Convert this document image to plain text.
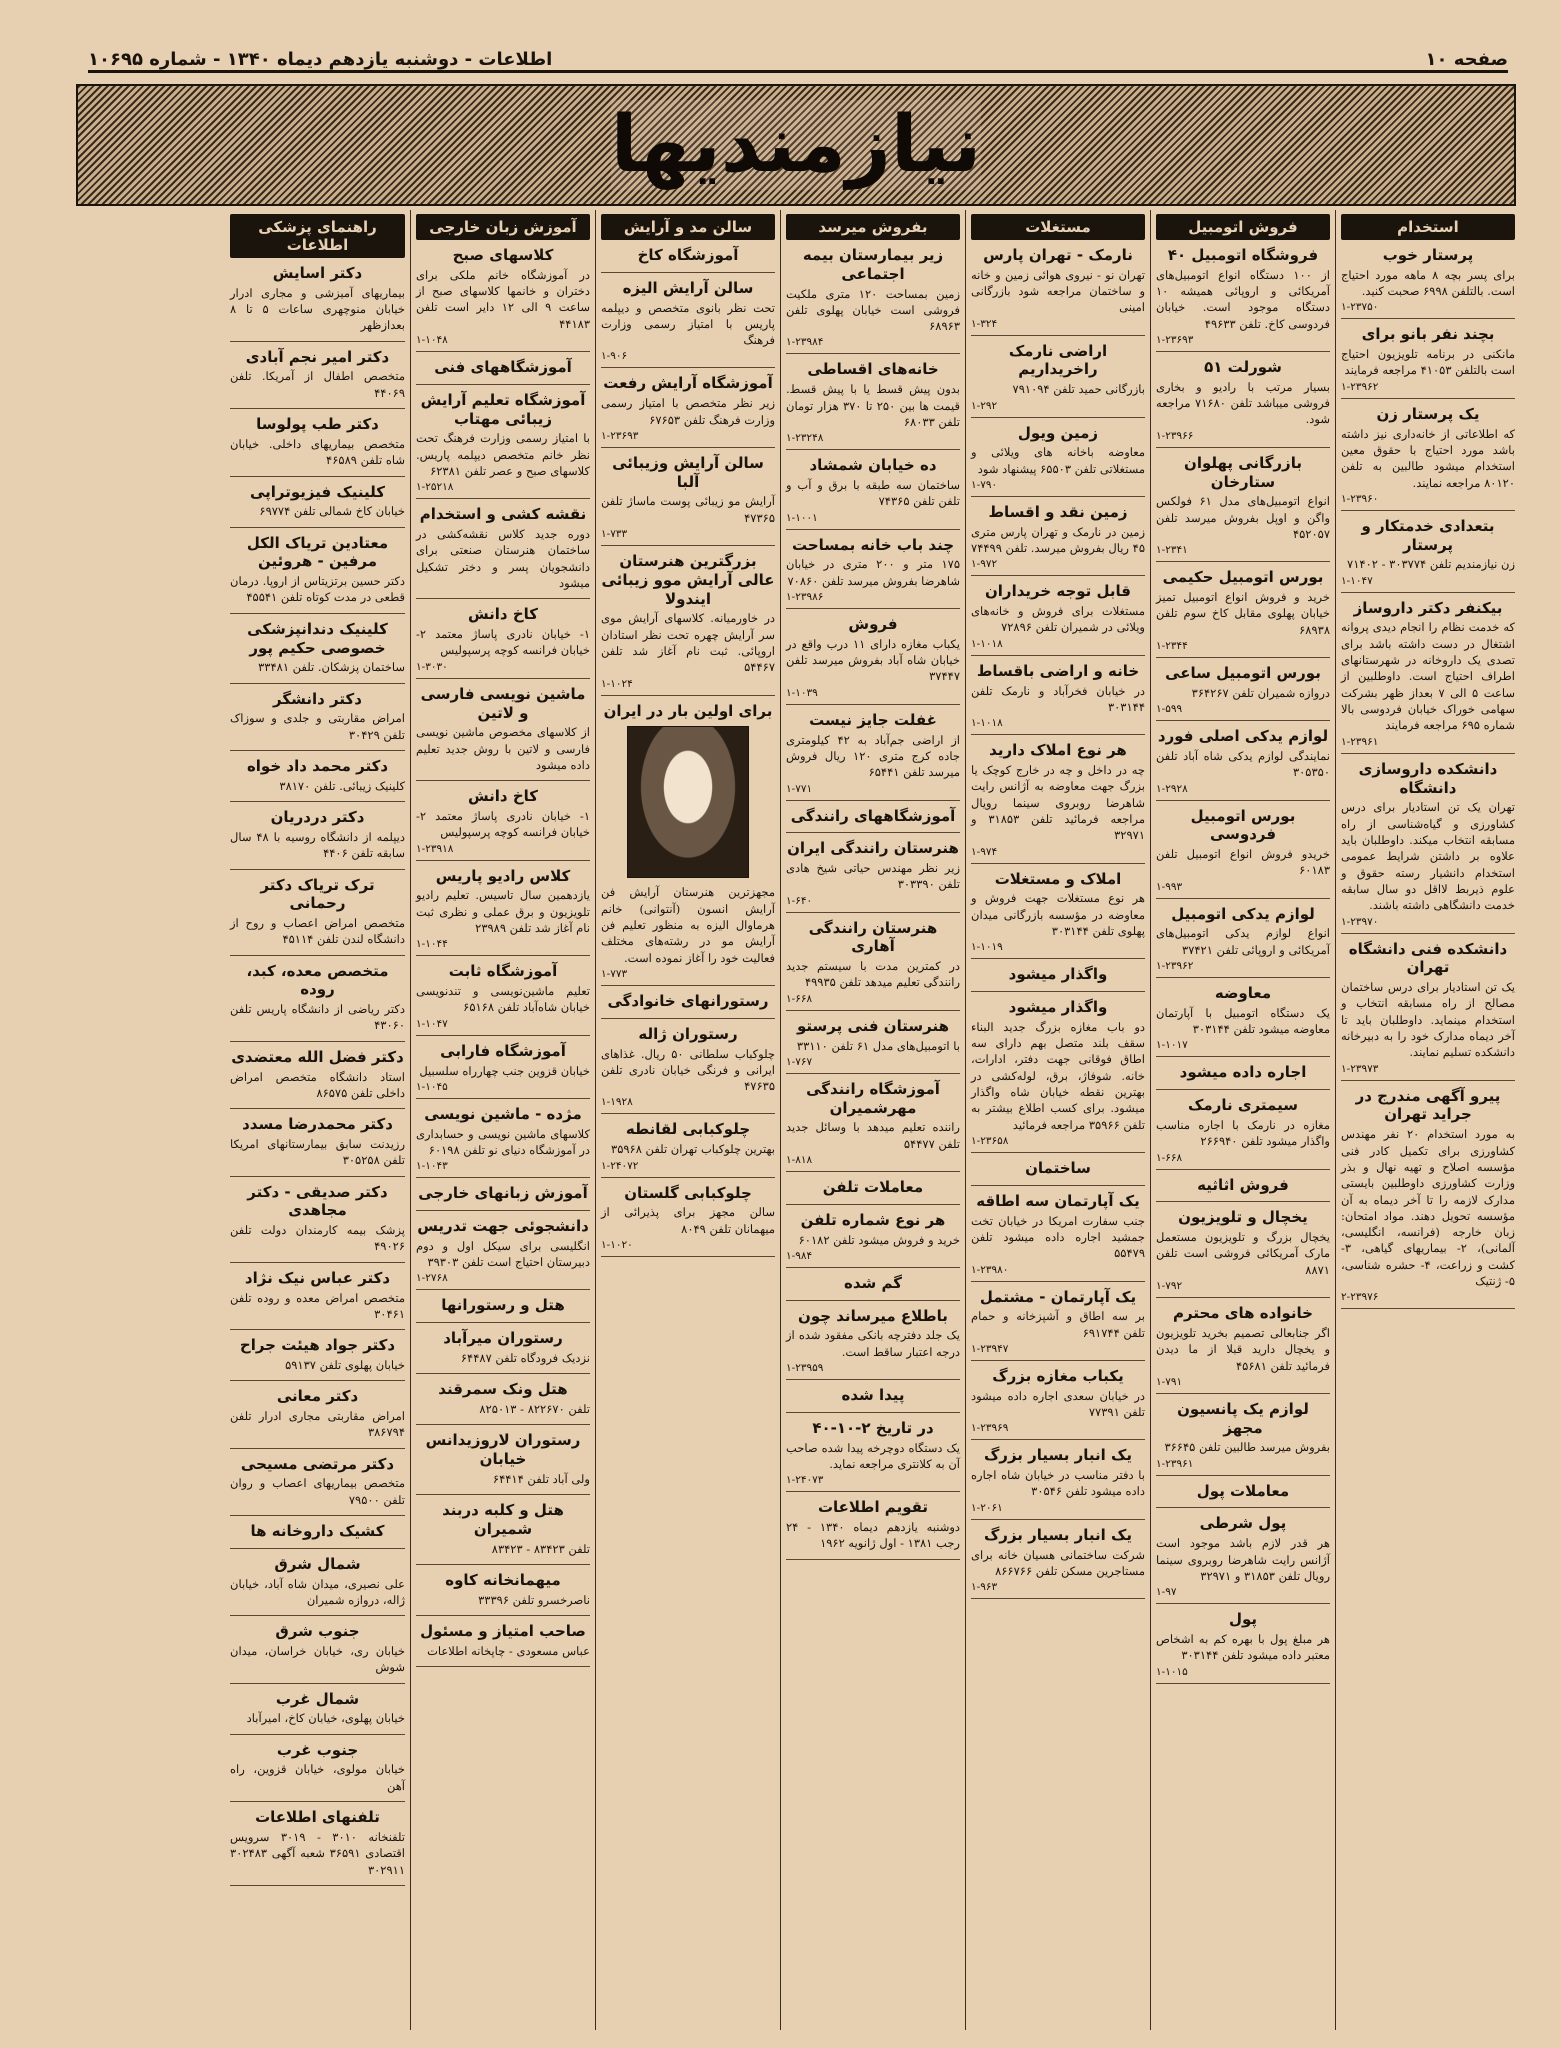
صفحه ۱۰
اطلاعات - دوشنبه یازدهم دیماه ۱۳۴۰ - شماره ۱۰۶۹۵
نیازمندیها
استخدام
پرستار خوب

برای پسر بچه ۸ ماهه مورد احتیاج است. بالتلفن ۶۹۹۸ صحبت کنید.

۱-۲۳۷۵۰
بچند نفر بانو برای

مانکنی در برنامه تلویزیون احتیاج است بالتلفن ۴۱۰۵۳ مراجعه فرمایند

۱-۲۳۹۶۲
یک پرستار زن

که اطلاعاتی از خانه‌داری نیز داشته باشد مورد احتیاج با حقوق معین استخدام میشود طالبین به تلفن ۸۰۱۲۰ مراجعه نمایند.

۱-۲۳۹۶۰
بتعدادی خدمتکار و پرستار

زن نیازمندیم تلفن ۳۰۳۷۷۴ - ۷۱۴۰۲

۱-۱۰۴۷
بیکنفر دکتر داروساز

که خدمت نظام را انجام دیدی پروانه اشتغال در دست داشته باشد برای تصدی یک داروخانه در شهرستانهای اطراف احتیاج است. داوطلبین از ساعت ۵ الی ۷ بعداز ظهر بشرکت سهامی خوراک خیابان فردوسی بالا شماره ۶۹۵ مراجعه فرمایند

۱-۲۳۹۶۱
دانشکده داروسازی دانشگاه

تهران یک تن استادیار برای درس کشاورزی و گیاه‌شناسی از راه مسابقه انتخاب میکند. داوطلبان باید علاوه بر داشتن شرایط عمومی استخدام دانشیار رسته حقوق و علوم ذیربط لااقل دو سال سابقه خدمت دانشگاهی داشته باشند.

۱-۲۳۹۷۰
دانشکده فنی دانشگاه تهران

یک تن استادیار برای درس ساختمان مصالح از راه مسابقه انتخاب و استخدام مینماید. داوطلبان باید تا آخر دیماه مدارک خود را به دبیرخانه دانشکده تسلیم نمایند.

۱-۲۳۹۷۳
پیرو آگهی مندرج در جراید تهران

به مورد استخدام ۲۰ نفر مهندس کشاورزی برای تکمیل کادر فنی مؤسسه اصلاح و تهیه نهال و بذر وزارت کشاورزی داوطلبین بایستی مدارک لازمه را تا آخر دیماه به آن مؤسسه تحویل دهند. مواد امتحان: زبان خارجه (فرانسه، انگلیسی، آلمانی)، ۲- بیماریهای گیاهی، ۳- کشت و زراعت، ۴- حشره شناسی، ۵- ژنتیک

۲-۲۳۹۷۶
فروش اتومبیل
فروشگاه اتومبیل ۴۰

از ۱۰۰ دستگاه انواع اتومبیل‌های آمریکائی و اروپائی همیشه ۱۰ دستگاه موجود است. خیابان فردوسی کاخ. تلفن ۴۹۶۳۳

۱-۲۳۶۹۳
شورلت ۵۱

بسیار مرتب با رادیو و بخاری فروشی میباشد تلفن ۷۱۶۸۰ مراجعه شود.

۱-۲۳۹۶۶
بازرگانی پهلوان ستارخان

انواع اتومبیل‌های مدل ۶۱ فولکس واگن و اوپل بفروش میرسد تلفن ۴۵۲۰۵۷

۱-۲۳۴۱
بورس اتومبیل حکیمی

خرید و فروش انواع اتومبیل تمیز خیابان پهلوی مقابل کاخ سوم تلفن ۶۸۹۳۸

۱-۲۳۴۴
بورس اتومبیل ساعی

دروازه شمیران تلفن ۳۶۴۲۶۷

۱-۵۹۹
لوازم یدکی اصلی فورد

نمایندگی لوازم یدکی شاه آباد تلفن ۳۰۵۳۵۰

۱-۲۹۲۸
بورس اتومبیل فردوسی

خریدو فروش انواع اتومبیل تلفن ۶۰۱۸۳

۱-۹۹۳
لوازم یدکی اتومبیل

انواع لوازم یدکی اتومبیل‌های آمریکائی و اروپائی تلفن ۳۷۴۲۱

۱-۲۳۹۶۲
معاوضه

یک دستگاه اتومبیل با آپارتمان معاوضه میشود تلفن ۳۰۳۱۴۴

۱-۱۰۱۷
اجاره داده میشود

سیمتری نارمک

مغازه در نارمک با اجاره مناسب واگذار میشود تلفن ۲۶۶۹۴۰

۱-۶۶۸
فروش اثاثیه

یخچال و تلویزیون

یخچال بزرگ و تلویزیون مستعمل مارک آمریکائی فروشی است تلفن ۸۸۷۱

۱-۷۹۲
خانواده های محترم

اگر جنابعالی تصمیم بخرید تلویزیون و یخچال دارید قبلا از ما دیدن فرمائید تلفن ۴۵۶۸۱

۱-۷۹۱
لوازم یک پانسیون مجهز

بفروش میرسد طالبین تلفن ۳۶۶۴۵

۱-۲۳۹۶۱
معاملات پول

پول شرطی

هر قدر لازم باشد موجود است آژانس رایت شاهرضا روبروی سینما رویال تلفن ۳۱۸۵۳ و ۳۲۹۷۱

۱-۹۷
پول

هر مبلغ پول با بهره کم به اشخاص معتبر داده میشود تلفن ۳۰۳۱۴۴

۱-۱۰۱۵
مستغلات
نارمک - تهران پارس

تهران نو - نیروی هوائی زمین و خانه و ساختمان مراجعه شود بازرگانی امینی

۱-۳۲۴
اراضی نارمک راخریداریم

بازرگانی حمید تلفن ۷۹۱۰۹۴

۱-۲۹۲
زمین ویول

معاوضه باخانه های ویلائی و مستغلاتی تلفن ۶۵۵۰۳ پیشنهاد شود

۱-۷۹۰
زمین نقد و اقساط

زمین در نارمک و تهران پارس متری ۴۵ ریال بفروش میرسد. تلفن ۷۴۴۹۹

۱-۹۷۲
قابل توجه خریداران

مستغلات برای فروش و خانه‌های ویلائی در شمیران تلفن ۷۲۸۹۶

۱-۱۰۱۸
خانه و اراضی باقساط

در خیابان فخرآباد و نارمک تلفن ۳۰۳۱۴۴

۱-۱۰۱۸
هر نوع املاک دارید

چه در داخل و چه در خارج کوچک یا بزرگ جهت معاوضه به آژانس رایت شاهرضا روبروی سینما رویال مراجعه فرمائید تلفن ۳۱۸۵۳ و ۳۲۹۷۱

۱-۹۷۴
املاک و مستغلات

هر نوع مستغلات جهت فروش و معاوضه در مؤسسه بازرگانی میدان پهلوی تلفن ۳۰۳۱۴۴

۱-۱۰۱۹
واگذار میشود

واگذار میشود

دو باب مغازه بزرگ جدید البناء سقف بلند متصل بهم دارای سه اطاق فوقانی جهت دفتر، ادارات، خانه. شوفاژ، برق، لوله‌کشی در بهترین نقطه خیابان شاه واگذار میشود. برای کسب اطلاع بیشتر به تلفن ۳۵۹۶۶ مراجعه فرمائید

۱-۲۳۶۵۸
ساختمان

یک آپارتمان سه اطاقه

جنب سفارت امریکا در خیابان تخت جمشید اجاره داده میشود تلفن ۵۵۴۷۹

۱-۲۳۹۸۰
یک آپارتمان - مشتمل

بر سه اطاق و آشپزخانه و حمام تلفن ۶۹۱۷۴۴

۱-۲۳۹۴۷
یکباب مغازه بزرگ

در خیابان سعدی اجاره داده میشود تلفن ۷۷۳۹۱

۱-۲۳۹۶۹
یک انبار بسیار بزرگ

با دفتر مناسب در خیابان شاه اجاره داده میشود تلفن ۳۰۵۴۶

۱-۲۰۶۱
یک انبار بسیار بزرگ

شرکت ساختمانی هسیان خانه برای مستاجرین مسکن تلفن ۸۶۶۷۶۶

۱-۹۶۳
بفروش میرسد
زیر بیمارستان بیمه اجتماعی

زمین بمساحت ۱۲۰ متری ملکیت فروشی است خیابان پهلوی تلفن ۶۸۹۶۳

۱-۲۳۹۸۴
خانه‌های اقساطی

بدون پیش قسط یا با پیش قسط. قیمت ها بین ۲۵۰ تا ۳۷۰ هزار تومان تلفن ۶۸۰۳۳

۱-۲۳۲۴۸
ده خیابان شمشاد

ساختمان سه طبقه با برق و آب و تلفن تلفن ۷۴۳۶۵

۱-۱۰۰۱
چند باب خانه بمساحت

۱۷۵ متر و ۲۰۰ متری در خیابان شاهرضا بفروش میرسد تلفن ۷۰۸۶۰

۱-۲۳۹۸۶
فروش

یکباب مغازه دارای ۱۱ درب واقع در خیابان شاه آباد بفروش میرسد تلفن ۳۷۴۴۷

۱-۱۰۳۹
غفلت جایز نیست

از اراضی جم‌آباد به ۴۲ کیلومتری جاده کرج متری ۱۲۰ ریال فروش میرسد تلفن ۶۵۴۴۱

۱-۷۷۱
آموزشگاههای رانندگی

هنرستان رانندگی ایران

زیر نظر مهندس حیاتی شیخ هادی تلفن ۳۰۳۳۹۰

۱-۶۴۰
هنرستان رانندگی آهاری

در کمترین مدت با سیستم جدید رانندگی تعلیم میدهد تلفن ۴۹۹۳۵

۱-۶۶۸
هنرستان فنی پرستو

با اتومبیل‌های مدل ۶۱ تلفن ۳۳۱۱۰

۱-۷۶۷
آموزشگاه رانندگی مهرشمیران

راننده تعلیم میدهد با وسائل جدید تلفن ۵۴۴۷۷

۱-۸۱۸
معاملات تلفن

هر نوع شماره تلفن

خرید و فروش میشود تلفن ۶۰۱۸۲

۱-۹۸۴
گم شده

باطلاع میرساند چون

یک جلد دفترچه بانکی مفقود شده از درجه اعتبار ساقط است.

۱-۲۳۹۵۹
پیدا شده

در تاریخ ۲-۱۰-۴۰

یک دستگاه دوچرخه پیدا شده صاحب آن به کلانتری مراجعه نماید.

۱-۲۴۰۷۳
تقویم اطلاعات

دوشنبه یازدهم دیماه ۱۳۴۰ - ۲۴ رجب ۱۳۸۱ - اول ژانویه ۱۹۶۲

سالن مد و آرایش
آموزشگاه کاخ

سالن آرایش الیزه

تحت نظر بانوی متخصص و دیپلمه پاریس با امتیاز رسمی وزارت فرهنگ

۱-۹۰۶
آموزشگاه آرایش رفعت

زیر نظر متخصص با امتیاز رسمی وزارت فرهنگ تلفن ۶۷۶۵۳

۱-۲۳۶۹۳
سالن آرایش وزیبائی آلبا

آرایش مو زیبائی پوست ماساژ تلفن ۴۷۳۶۵

۱-۷۳۳
بزرگترین هنرستان عالی آرایش موو زیبائی ایندولا

در خاورمیانه. کلاسهای آرایش موی سر آرایش چهره تحت نظر استادان اروپائی. ثبت نام آغاز شد تلفن ۵۴۴۶۷

۱-۱۰۲۴
برای اولین بار در ایران

مجهزترین هنرستان آرایش فن آرایش انسون (آنتوانی) خانم هرماوال الیزه به منظور تعلیم فن آرایش مو در رشته‌های مختلف فعالیت خود را آغاز نموده است.

۱-۷۷۳
رستورانهای خانوادگی

رستوران ژاله

چلوکباب سلطانی ۵۰ ریال. غذاهای ایرانی و فرنگی خیابان نادری تلفن ۴۷۶۳۵

۱-۱۹۲۸
چلوکبابی لقانطه

بهترین چلوکباب تهران تلفن ۳۵۹۶۸

۱-۲۴۰۷۲
چلوکبابی گلستان

سالن مجهز برای پذیرائی از میهمانان تلفن ۸۰۴۹

۱-۱۰۲۰
آموزش زبان خارجی
کلاسهای صبح

در آموزشگاه خانم ملکی برای دختران و خانمها کلاسهای صبح از ساعت ۹ الی ۱۲ دایر است تلفن ۴۴۱۸۳

۱-۱۰۴۸
آموزشگاههای فنی

آموزشگاه تعلیم آرایش زیبائی مهتاب

با امتیاز رسمی وزارت فرهنگ تحت نظر خانم متخصص دیپلمه پاریس. کلاسهای صبح و عصر تلفن ۶۲۳۸۱

۱-۲۵۲۱۸
نقشه کشی و استخدام

دوره جدید کلاس نقشه‌کشی در ساختمان هنرستان صنعتی برای دانشجویان پسر و دختر تشکیل میشود

کاخ دانش

۱- خیابان نادری پاساژ معتمد ۲- خیابان فرانسه کوچه پرسپولیس

۱-۳۰۳۰
ماشین نویسی فارسی و لاتین

از کلاسهای مخصوص ماشین نویسی فارسی و لاتین با روش جدید تعلیم داده میشود

کاخ دانش

۱- خیابان نادری پاساژ معتمد ۲- خیابان فرانسه کوچه پرسپولیس

۱-۲۳۹۱۸
کلاس رادیو پاریس

یازدهمین سال تاسیس. تعلیم رادیو تلویزیون و برق عملی و نظری ثبت نام آغاز شد تلفن ۲۳۹۸۹

۱-۱۰۴۴
آموزشگاه ثابت

تعلیم ماشین‌نویسی و تندنویسی خیابان شاه‌آباد تلفن ۶۵۱۶۸

۱-۱۰۴۷
آموزشگاه فارابی

خیابان قزوین جنب چهارراه سلسبیل

۱-۱۰۴۵
مژده - ماشین نویسی

کلاسهای ماشین نویسی و حسابداری در آموزشگاه دنیای نو تلفن ۶۰۱۹۸

۱-۱۰۴۳
آموزش زبانهای خارجی

دانشجوئی جهت تدریس

انگلیسی برای سیکل اول و دوم دبیرستان احتیاج است تلفن ۳۹۳۰۳

۱-۲۷۶۸
هتل و رستورانها

رستوران میرآباد

نزدیک فرودگاه تلفن ۶۴۴۸۷

هتل ونک سمرقند

تلفن ۸۲۲۶۷۰ - ۸۲۵۰۱۳

رستوران لاروزیدانس خیابان

ولی آباد تلفن ۶۴۴۱۴

هتل و کلبه دربند شمیران

تلفن ۸۳۴۲۳ - ۸۳۴۲۳

میهمانخانه کاوه

ناصرخسرو تلفن ۳۳۳۹۶

صاحب امتیاز و مسئول

عباس مسعودی - چاپخانه اطلاعات

راهنمای پزشکی اطلاعات
دکتر اسایش

بیماریهای آمیزشی و مجاری ادرار خیابان منوچهری ساعات ۵ تا ۸ بعدازظهر

دکتر امیر نجم آبادی

متخصص اطفال از آمریکا. تلفن ۴۴۰۶۹

دکتر طب پولوسا

متخصص بیماریهای داخلی. خیابان شاه تلفن ۴۶۵۸۹

کلینیک فیزیوتراپی

خیابان کاخ شمالی تلفن ۶۹۷۷۴

معتادین تریاک الکل مرفین - هروئین

دکتر حسین برتزیتاس از اروپا. درمان قطعی در مدت کوتاه تلفن ۴۵۵۴۱

کلینیک دندانپزشکی خصوصی حکیم پور

ساختمان پزشکان. تلفن ۳۳۴۸۱

دکتر دانشگر

امراض مقاربتی و جلدی و سوزاک تلفن ۳۰۴۲۹

دکتر محمد داد خواه

کلینیک زیبائی. تلفن ۳۸۱۷۰

دکتر دردریان

دیپلمه از دانشگاه روسیه با ۴۸ سال سابقه تلفن ۴۴۰۶

ترک تریاک دکتر رحمانی

متخصص امراض اعصاب و روح از دانشگاه لندن تلفن ۴۵۱۱۴

متخصص معده، کبد، روده

دکتر ریاضی از دانشگاه پاریس تلفن ۴۳۰۶۰

دکتر فضل الله معتضدی

استاد دانشگاه متخصص امراض داخلی تلفن ۸۶۵۷۵

دکتر محمدرضا مسدد

رزیدنت سابق بیمارستانهای امریکا تلفن ۳۰۵۲۵۸

دکتر صدیقی - دکتر مجاهدی

پزشک بیمه کارمندان دولت تلفن ۴۹۰۲۶

دکتر عباس نیک نژاد

متخصص امراض معده و روده تلفن ۳۰۴۶۱

دکتر جواد هیئت جراح

خیابان پهلوی تلفن ۵۹۱۳۷

دکتر معانی

امراض مقاربتی مجاری ادرار تلفن ۳۸۶۷۹۴

دکتر مرتضی مسیحی

متخصص بیماریهای اعصاب و روان تلفن ۷۹۵۰۰

کشیک داروخانه ها

شمال شرق

علی نصیری، میدان شاه آباد، خیابان ژاله، دروازه شمیران

جنوب شرق

خیابان ری، خیابان خراسان، میدان شوش

شمال غرب

خیابان پهلوی، خیابان کاخ، امیرآباد

جنوب غرب

خیابان مولوی، خیابان قزوین، راه آهن

تلفنهای اطلاعات

تلفنخانه ۳۰۱۰ - ۳۰۱۹ سرویس اقتصادی ۳۶۵۹۱ شعبه آگهی ۳۰۲۴۸۳ ۳۰۲۹۱۱
